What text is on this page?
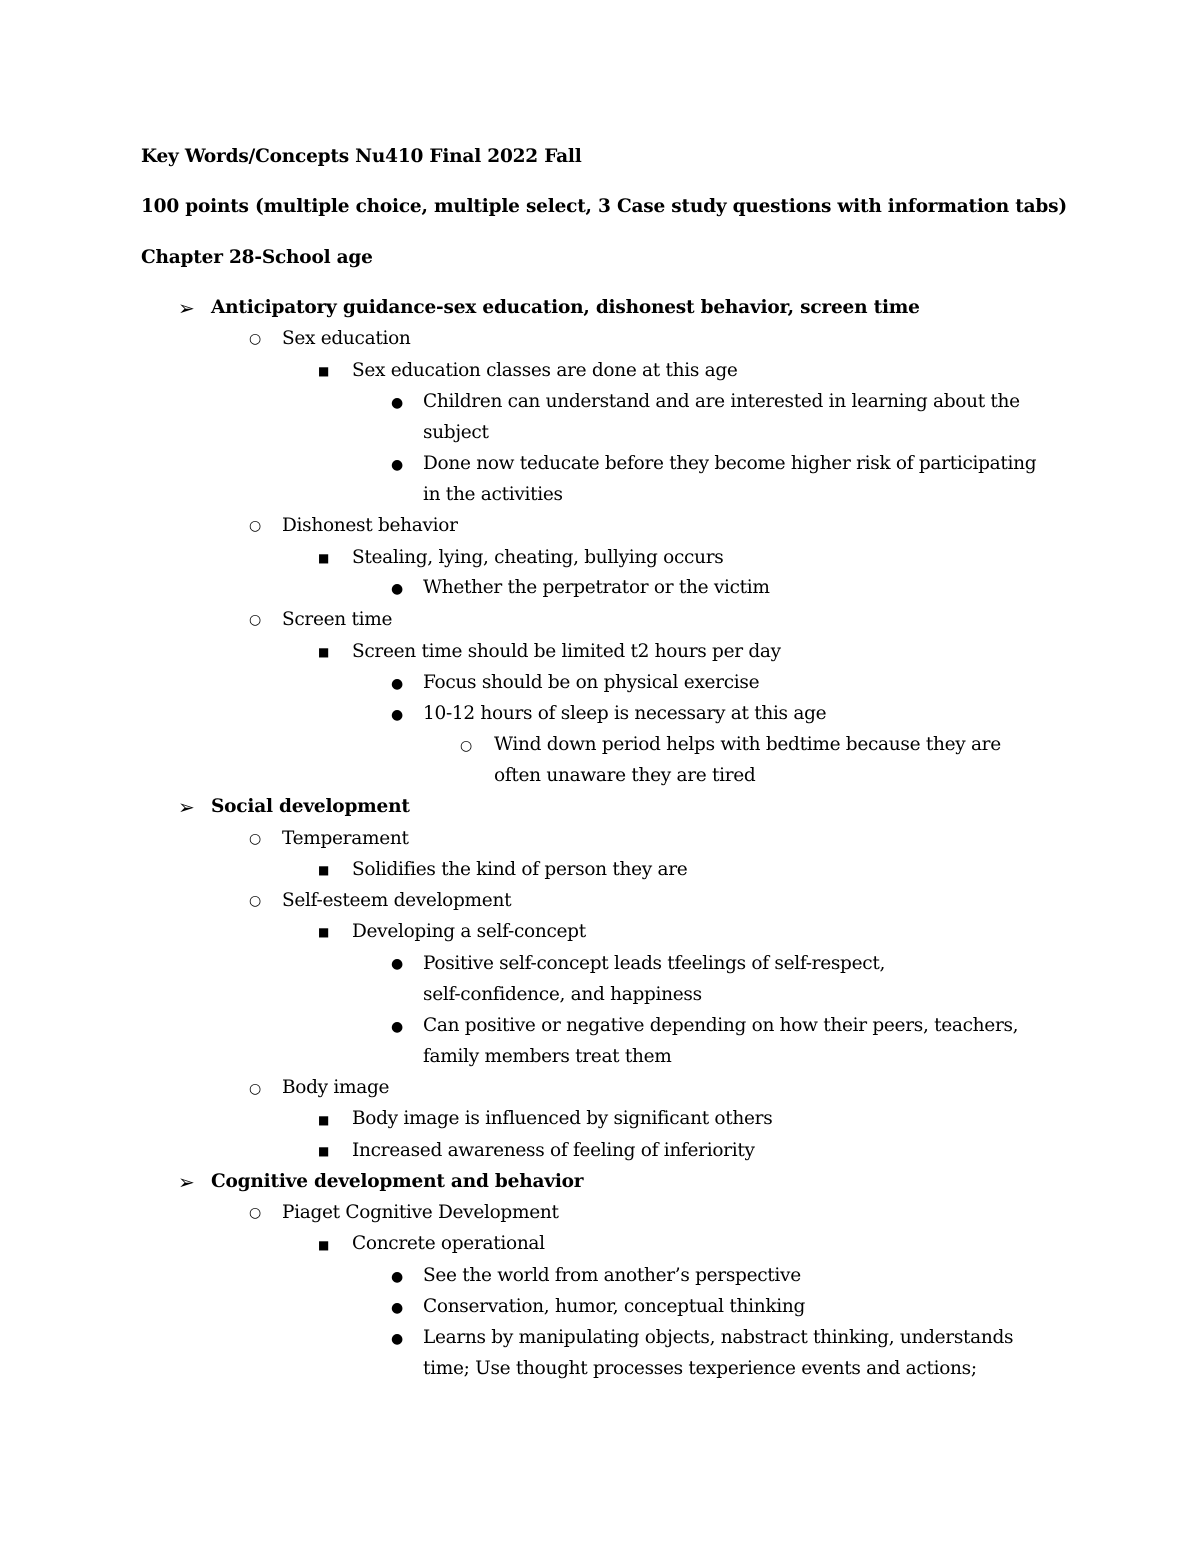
Key Words/Concepts Nu410 Final 2022 Fall
100 points (multiple choice, multiple select, 3 Case study questions with information tabs)
Chapter 28-School age
➢ Anticipatory guidance-sex education, dishonest behavior, screen time
○ Sex education
■ Sex education classes are done at this age
● Children can understand and are interested in learning about the
subject
● Done now teducate before they become higher risk of participating
in the activities
○ Dishonest behavior
■ Stealing, lying, cheating, bullying occurs
● Whether the perpetrator or the victim
○ Screen time
■ Screen time should be limited t2 hours per day
● Focus should be on physical exercise
● 10-12 hours of sleep is necessary at this age
○ Wind down period helps with bedtime because they are
often unaware they are tired
➢ Social development
○ Temperament
■ Solidifies the kind of person they are
○ Self-esteem development
■ Developing a self-concept
● Positive self-concept leads tfeelings of self-respect,
self-confidence, and happiness
● Can positive or negative depending on how their peers, teachers,
family members treat them
○ Body image
■ Body image is influenced by significant others
■ Increased awareness of feeling of inferiority
➢ Cognitive development and behavior
○ Piaget Cognitive Development
■ Concrete operational
● See the world from another’s perspective
● Conservation, humor, conceptual thinking
● Learns by manipulating objects, nabstract thinking, understands
time; Use thought processes texperience events and actions;
